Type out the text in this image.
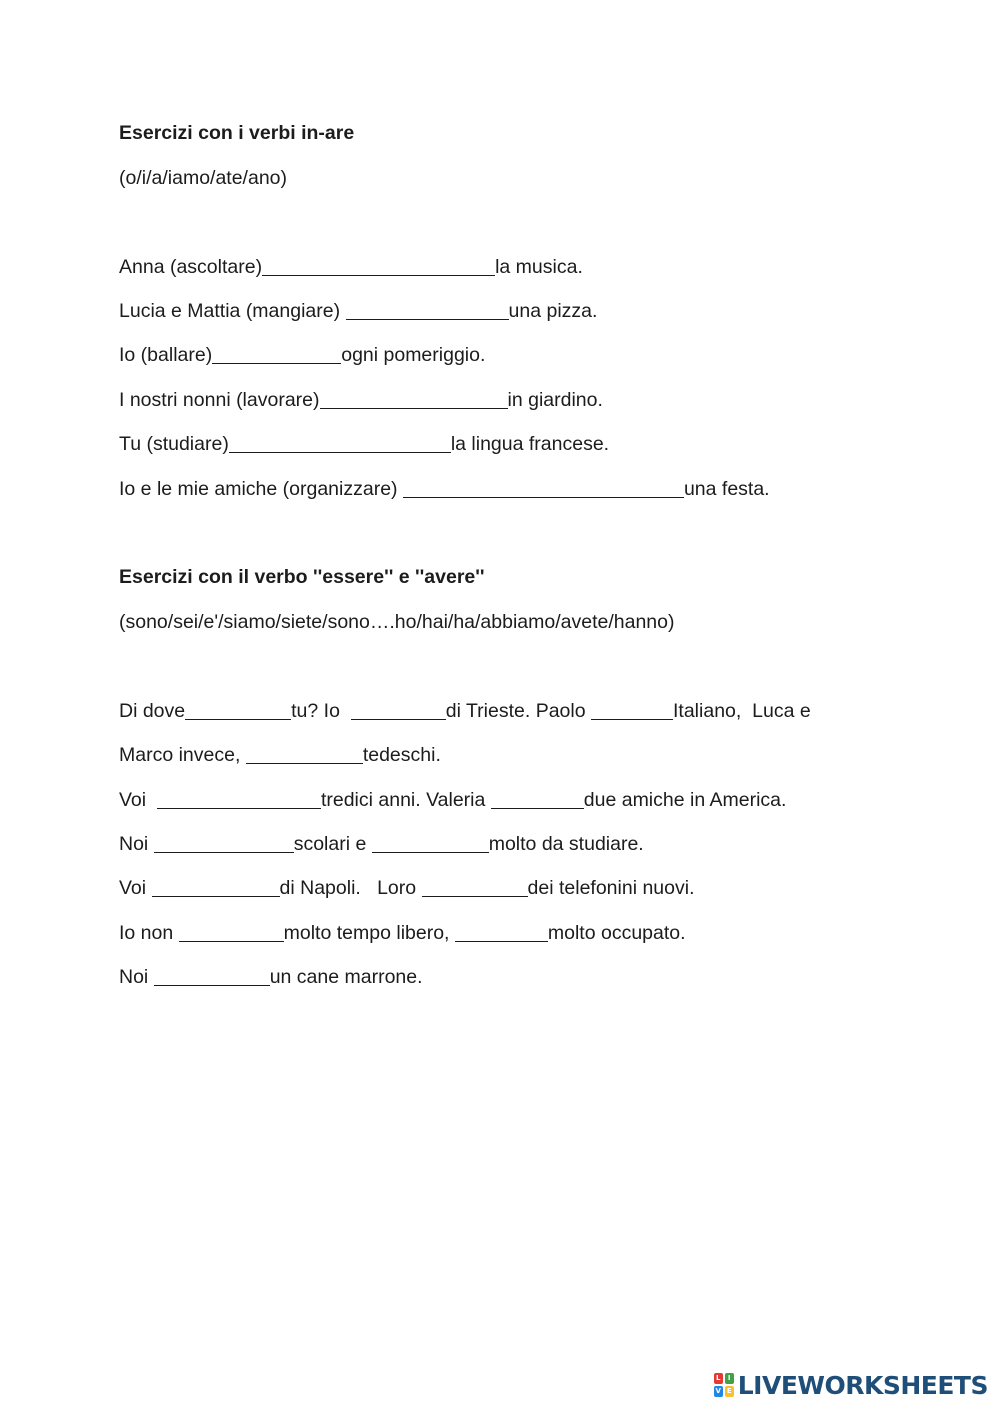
Esercizi con i verbi in-are
(o/i/a/iamo/ate/ano)
Anna (ascoltare)	la musica.
Lucia e Mattia (mangiare)	una pizza.
Io (ballare)	ogni pomeriggio.
I nostri nonni (lavorare)	in giardino.
Tu (studiare)	la lingua francese.
Io e le mie amiche (organizzare)	una festa.
Esercizi con il verbo ''essere'' e ''avere''
(sono/sei/e'/siamo/siete/sono….ho/hai/ha/abbiamo/avete/hanno)
Di dove	tu? Io	di Trieste. Paolo	Italiano,  Luca e
Marco invece,	tedeschi.
Voi	tredici anni. Valeria	due amiche in America.
Noi	scolari e	molto da studiare.
Voi	di Napoli.   Loro	dei telefonini nuovi.
Io non	molto tempo libero,	molto occupato.
Noi	un cane marrone.
L	I
V E LIVEWORKSHEETS
